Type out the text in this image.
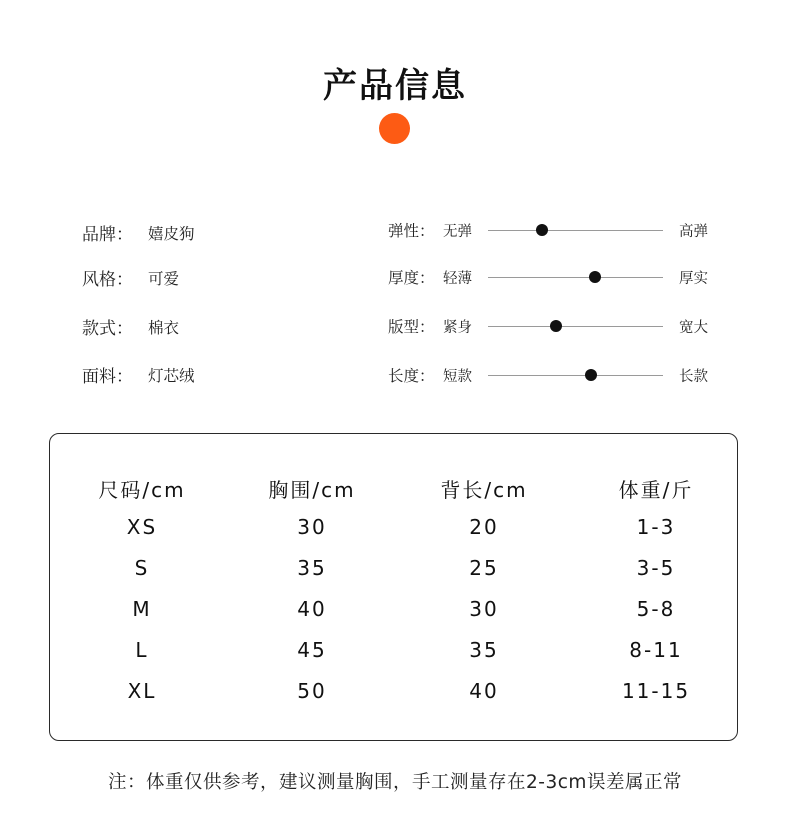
产品信息
品牌： 嬉皮狗
风格： 可爱
款式： 棉衣
面料： 灯芯绒
弹性： 无弹	高弹
厚度： 轻薄	厚实
版型： 紧身	宽大
长度： 短款	长款
尺码/cm	胸围/cm	背长/cm	体重/斤
XS	30	20	1-3
S	35	25	3-5
M	40	30	5-8
L	45	35	8-11
XL	50	40	11-15
注：体重仅供参考，建议测量胸围，手工测量存在2-3cm误差属正常
